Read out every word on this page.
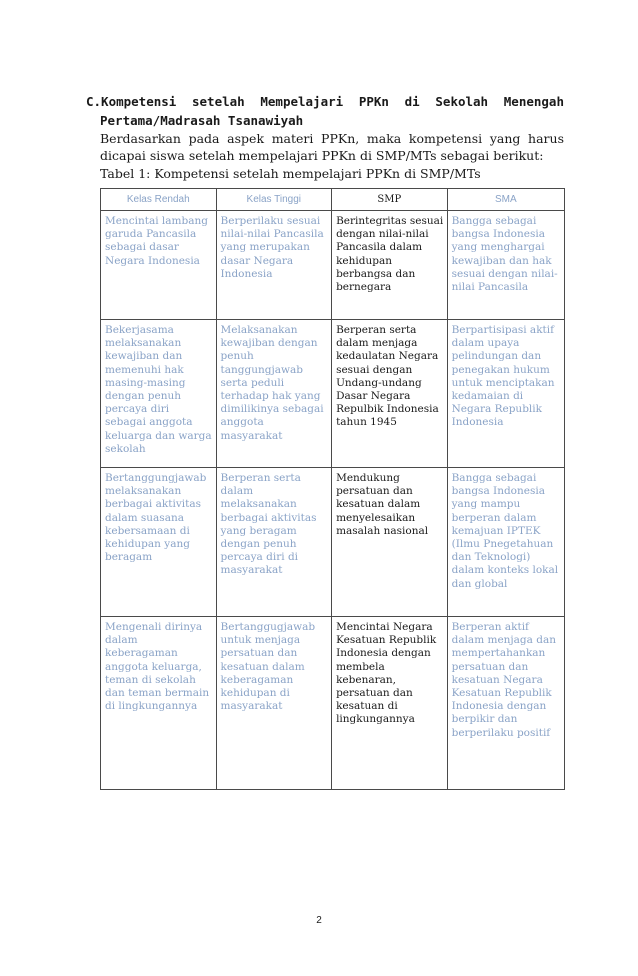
C.Kompetensi setelah Mempelajari PPKn di Sekolah Menengah
Pertama/Madrasah Tsanawiyah
Berdasarkan pada aspek materi PPKn, maka kompetensi yang harus dicapai siswa setelah mempelajari PPKn di SMP/MTs sebagai berikut:
Tabel 1: Kompetensi setelah mempelajari PPKn di SMP/MTs
Kelas Rendah	Kelas Tinggi	SMP	SMA
Mencintai lambang garuda Pancasila sebagai dasar Negara Indonesia	Berperilaku sesuai nilai-nilai Pancasila yang merupakan dasar Negara Indonesia	Berintegritas sesuai dengan nilai-nilai Pancasila dalam kehidupan berbangsa dan bernegara	Bangga sebagai bangsa Indonesia yang menghargai kewajiban dan hak sesuai dengan nilai-nilai Pancasila
Bekerjasama melaksanakan kewajiban dan memenuhi hak masing-masing dengan penuh percaya diri sebagai anggota keluarga dan warga sekolah	Melaksanakan kewajiban dengan penuh tanggungjawab serta peduli terhadap hak yang dimilikinya sebagai anggota masyarakat	Berperan serta dalam menjaga kedaulatan Negara sesuai dengan Undang-undang Dasar Negara Repulbik Indonesia tahun 1945	Berpartisipasi aktif dalam upaya pelindungan dan penegakan hukum untuk menciptakan kedamaian di Negara Republik Indonesia
Bertanggungjawab melaksanakan berbagai aktivitas dalam suasana kebersamaan di kehidupan yang beragam	Berperan serta dalam melaksanakan berbagai aktivitas yang beragam dengan penuh percaya diri di masyarakat	Mendukung persatuan dan kesatuan dalam menyelesaikan masalah nasional	Bangga sebagai bangsa Indonesia yang mampu berperan dalam kemajuan IPTEK (Ilmu Pnegetahuan dan Teknologi) dalam konteks lokal dan global
Mengenali dirinya dalam keberagaman anggota keluarga, teman di sekolah dan teman bermain di lingkungannya	Bertanggugjawab untuk menjaga persatuan dan kesatuan dalam keberagaman kehidupan di masyarakat	Mencintai Negara Kesatuan Republik Indonesia dengan membela kebenaran, persatuan dan kesatuan di lingkungannya	Berperan aktif dalam menjaga dan mempertahankan persatuan dan kesatuan Negara Kesatuan Republik Indonesia dengan berpikir dan berperilaku positif
2
